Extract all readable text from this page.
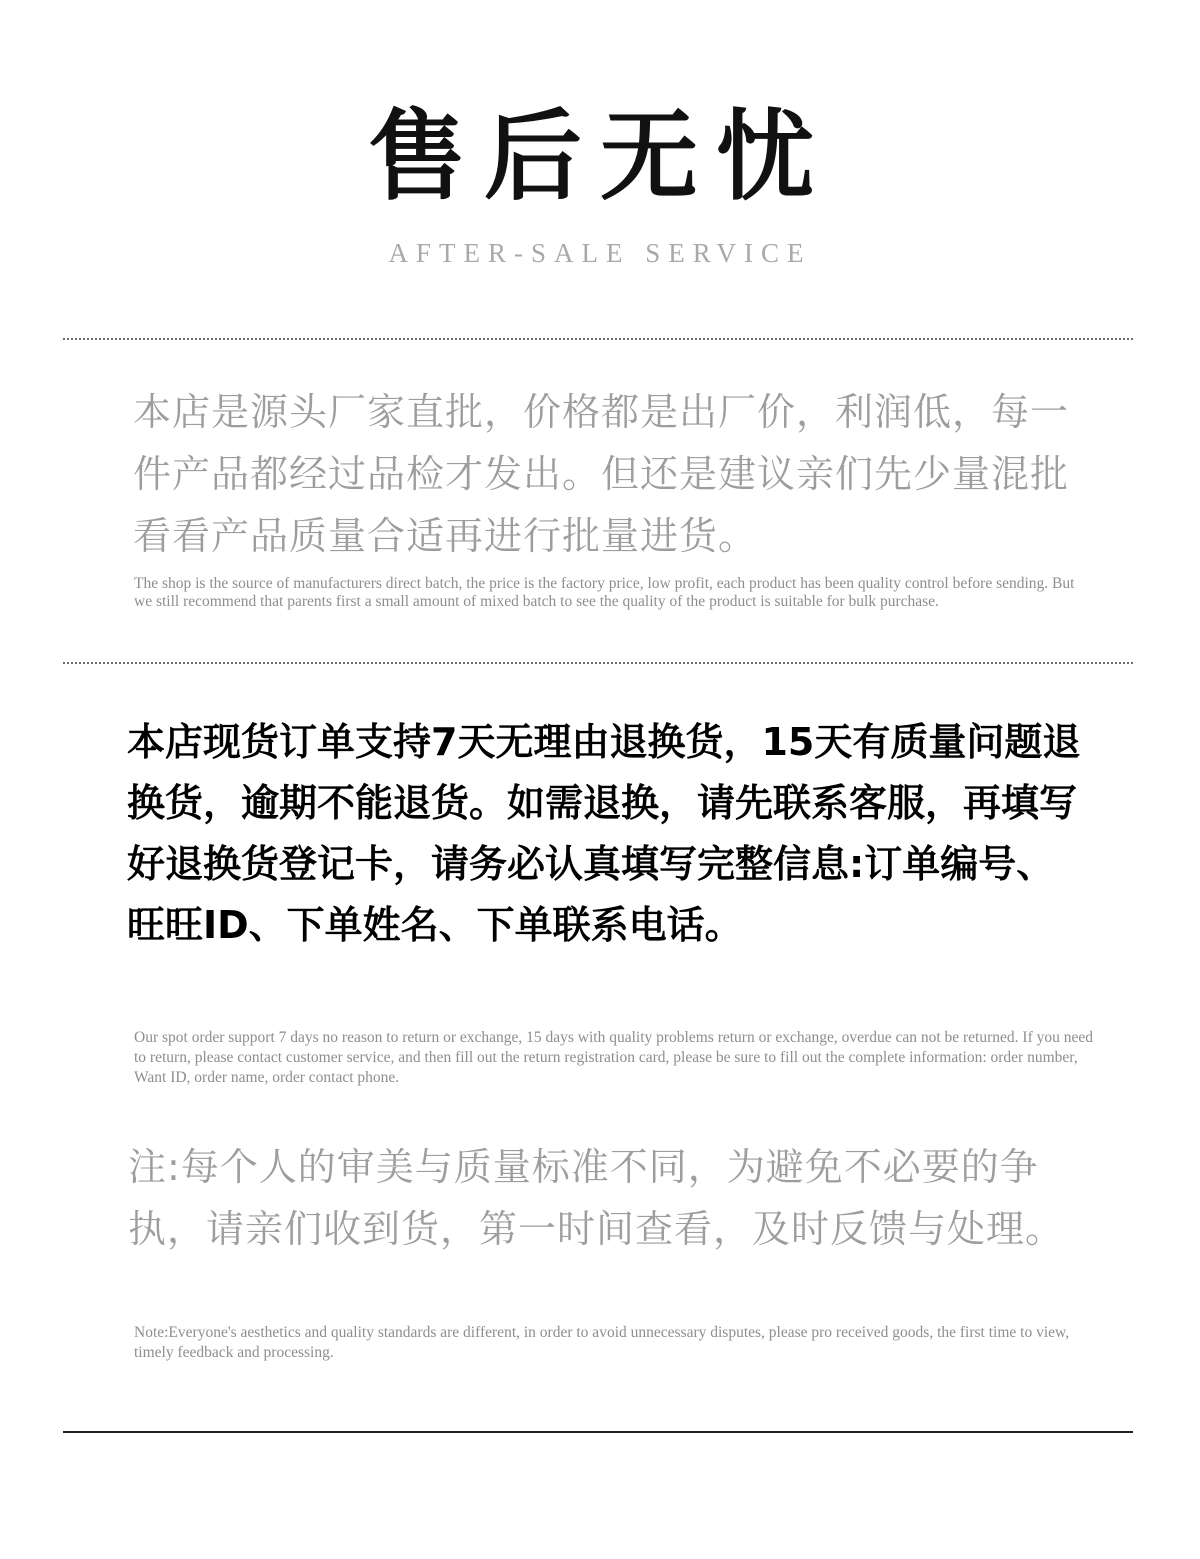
售后无忧
AFTER-SALE SERVICE

本店是源头厂家直批，价格都是出厂价，利润低，每一件产品都经过品检才发出。但还是建议亲们先少量混批看看产品质量合适再进行批量进货。

The shop is the source of manufacturers direct batch, the price is the factory price, low profit, each product has been quality control before sending. But we still recommend that parents first a small amount of mixed batch to see the quality of the product is suitable for bulk purchase.

本店现货订单支持7天无理由退换货，15天有质量问题退换货，逾期不能退货。如需退换，请先联系客服，再填写好退换货登记卡，请务必认真填写完整信息:订单编号、旺旺ID、下单姓名、下单联系电话。

Our spot order support 7 days no reason to return or exchange, 15 days with quality problems return or exchange, overdue can not be returned. If you need to return, please contact customer service, and then fill out the return registration card, please be sure to fill out the complete information: order number, Want ID, order name, order contact phone.

注:每个人的审美与质量标准不同，为避免不必要的争执，请亲们收到货，第一时间查看，及时反馈与处理。

Note:Everyone's aesthetics and quality standards are different, in order to avoid unnecessary disputes, please pro received goods, the first time to view, timely feedback and processing.
